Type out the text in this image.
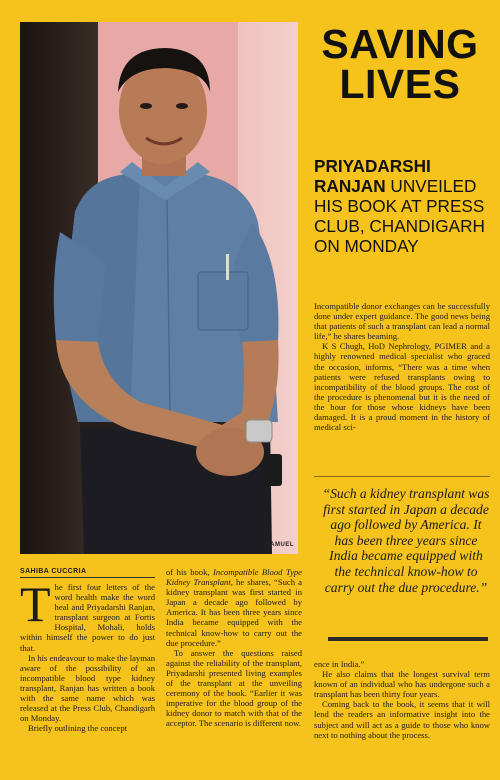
SAMUEL
SAVING
LIVES
PRIYADARSHI RANJAN UNVEILED HIS BOOK AT PRESS CLUB, CHANDIGARH ON MONDAY

Incompatible donor exchanges can be successfully done under expert guidance. The good news being that patients of such a transplant can lead a normal life,” he shares beaming.

K S Chugh, HoD Nephrology, PGIMER and a highly renowned medical specialist who graced the occasion, informs, “There was a time when patients were refused transplants owing to incompatibility of the blood groups. The cost of the procedure is phenomenal but it is the need of the hour for those whose kidneys have been damaged. It is a proud moment in the history of medical sci-

“Such a kidney transplant was first started in Japan a decade ago followed by America. It has been three years since India became equipped with the technical know-how to carry out the due procedure.”
SAHIBA CUCCRIA

The first four letters of the word health make the word heal and Priyadarshi Ranjan, transplant surgeon at Fortis Hospital, Mohali, holds within himself the power to do just that.

In his endeavour to make the layman aware of the possibility of an incompatible blood type kidney transplant, Ranjan has written a book with the same name which was released at the Press Club, Chandigarh on Monday.

Briefly outlining the concept

of his book, Incompatible Blood Type Kidney Transplant, he shares, “Such a kidney transplant was first started in Japan a decade ago followed by America. It has been three years since India became equipped with the technical know-how to carry out the due procedure.”

To answer the questions raised against the reliability of the transplant, Priyadarshi presented living examples of the transplant at the unveiling ceremony of the book. “Earlier it was imperative for the blood group of the kidney donor to match with that of the acceptor. The scenario is different now.

ence in India.”

He also claims that the longest survival term known of an individual who has undergone such a transplant has been thirty four years.

Coming back to the book, it seems that it will lend the readers an informative insight into the subject and will act as a guide to those who know next to nothing about the process.
